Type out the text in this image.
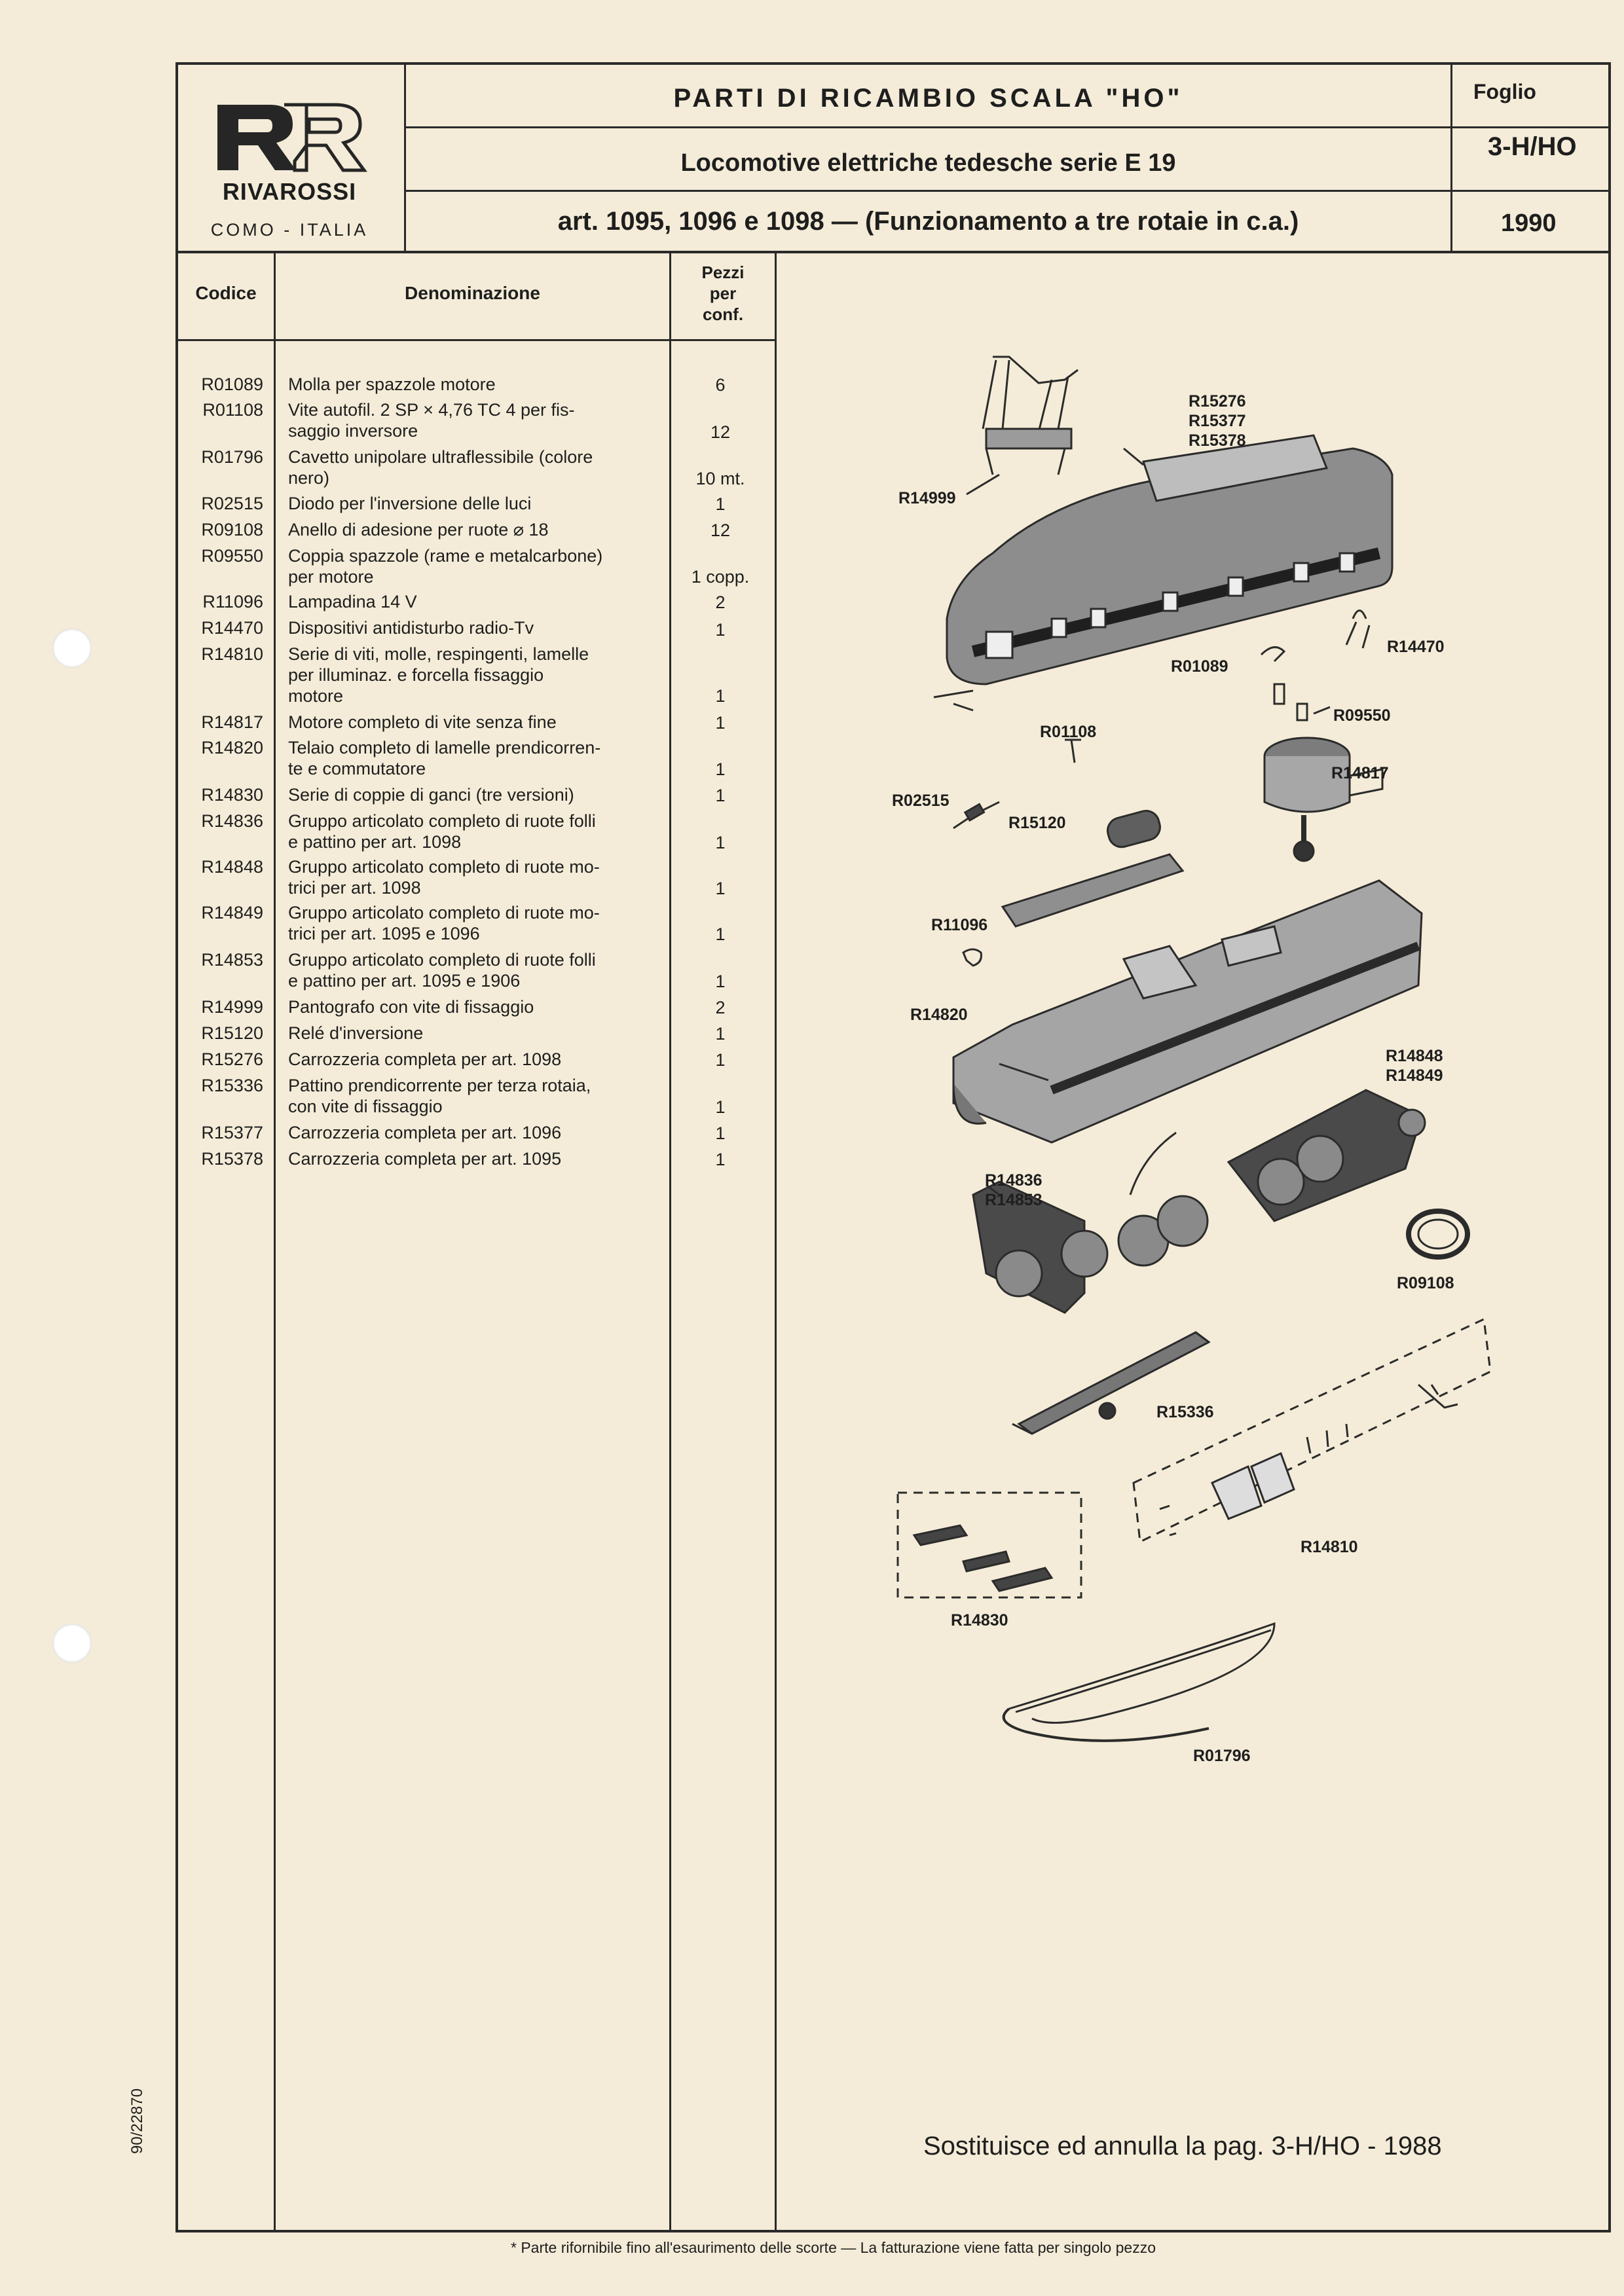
RIVAROSSI
COMO - ITALIA
PARTI DI RICAMBIO SCALA "HO"
Locomotive elettriche tedesche serie E 19
art. 1095, 1096 e 1098 — (Funzionamento a tre rotaie in c.a.)
Foglio
3-H/HO
1990
Codice	Denominazione
Pezzi
per
conf.
R01089 Molla per spazzole motore	6
R01108 Vite autofil. 2 SP × 4,76 TC 4 per fis-
saggio inversore	12
R01796 Cavetto unipolare ultraflessibile (colore
nero)	10 mt.
R02515 Diodo per l'inversione delle luci	1
R09108 Anello di adesione per ruote ⌀ 18	12
R09550 Coppia spazzole (rame e metalcarbone)
per motore	1 copp.
R11096 Lampadina 14 V	2
R14470 Dispositivi antidisturbo radio-Tv	1
R14810 Serie di viti, molle, respingenti, lamelle
per illuminaz. e forcella fissaggio
motore	1
R14817 Motore completo di vite senza fine	1
R14820 Telaio completo di lamelle prendicorren-
te e commutatore	1
R14830 Serie di coppie di ganci (tre versioni)	1
R14836 Gruppo articolato completo di ruote folli
e pattino per art. 1098	1
R14848 Gruppo articolato completo di ruote mo-
trici per art. 1098	1
R14849 Gruppo articolato completo di ruote mo-
trici per art. 1095 e 1096	1
R14853 Gruppo articolato completo di ruote folli
e pattino per art. 1095 e 1906	1
R14999 Pantografo con vite di fissaggio	2
R15120 Relé d'inversione	1
R15276 Carrozzeria completa per art. 1098	1
R15336 Pattino prendicorrente per terza rotaia,
con vite di fissaggio	1
R15377 Carrozzeria completa per art. 1096	1
R15378 Carrozzeria completa per art. 1095	1
R15276
R15377
R15378
R14999
R01089
R14470
R09550
R01108
R14817
R02515
R15120
R11096
R14820
R14848
R14849
R14836
R14853
R09108
R15336
R14810
R14830
R01796
Sostituisce ed annulla la pag. 3-H/HO - 1988
* Parte rifornibile fino all'esaurimento delle scorte — La fatturazione viene fatta per singolo pezzo
90/22870
